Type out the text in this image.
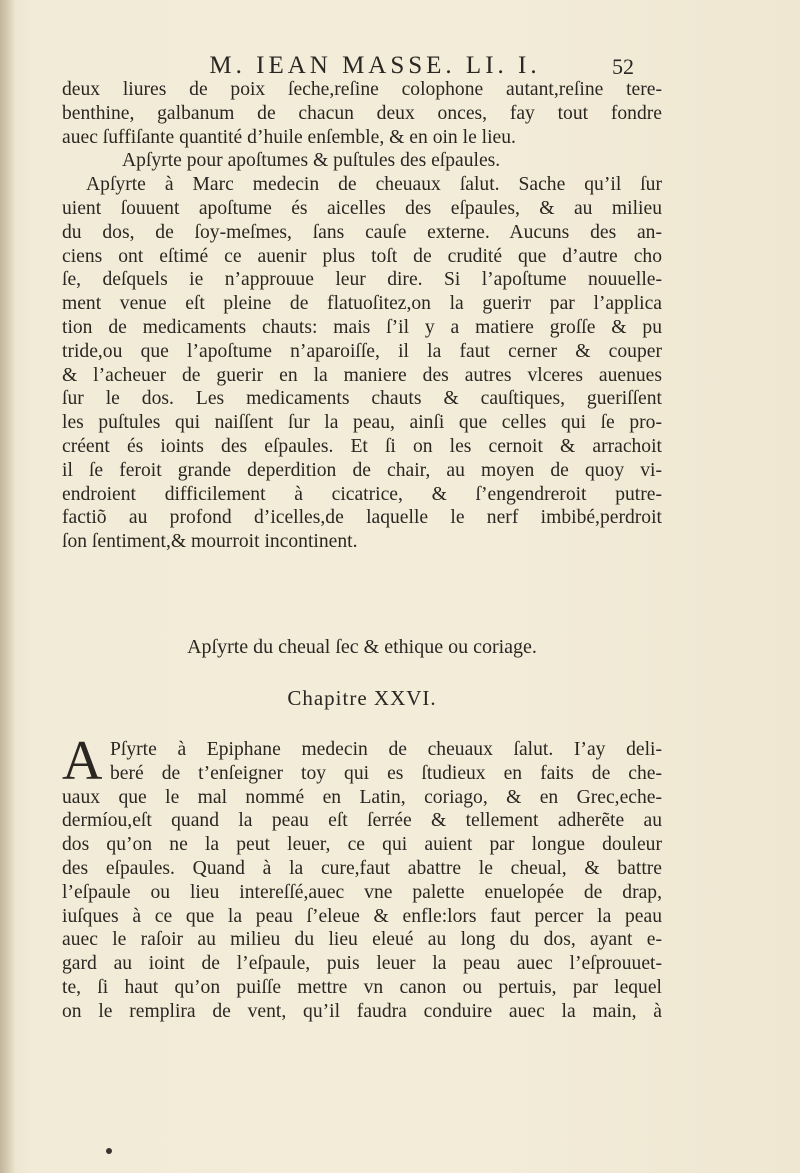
M. IEAN MASSE. LI. I.	52
deux liures de poix ſeche,reſine colophone autant,reſine tere-
benthine, galbanum de chacun deux onces, fay tout fondre
auec ſuffiſante quantité d’huile enſemble, & en oin le lieu.
Apſyrte pour apoſtumes & puſtules des eſpaules.
Apſyrte à Marc medecin de cheuaux ſalut. Sache qu’il ſur
uient ſouuent apoſtume és aicelles des eſpaules, & au milieu
du dos, de ſoy-meſmes, ſans cauſe externe. Aucuns des an-
ciens ont eſtimé ce auenir plus toſt de crudité que d’autre cho
ſe, deſquels ie n’approuue leur dire. Si l’apoſtume nouuelle-
ment venue eſt pleine de flatuoſitez,on la gueriт par l’applica
tion de medicaments chauts: mais ſ’il y a matiere groſſe & pu
tride,ou que l’apoſtume n’aparoiſſe, il la faut cerner & couper
& l’acheuer de guerir en la maniere des autres vlceres auenues
ſur le dos. Les medicaments chauts & cauſtiques, gueriſſent
les puſtules qui naiſſent ſur la peau, ainſi que celles qui ſe pro-
créent és ioints des eſpaules. Et ſi on les cernoit & arrachoit
il ſe feroit grande deperdition de chair, au moyen de quoy vi-
endroient difficilement à cicatrice, & ſ’engendreroit putre-
factiõ au profond d’icelles,de laquelle le nerf imbibé,perdroit
ſon ſentiment,& mourroit incontinent.
Apſyrte du cheual ſec & ethique ou coriage.
Chapitre XXVI.
A Pſyrte à Epiphane medecin de cheuaux ſalut. I’ay deli-
beré de t’enſeigner toy qui es ſtudieux en faits de che-
uaux que le mal nommé en Latin, coriago, & en Grec,eche-
dermíou,eſt quand la peau eſt ſerrée & tellement adherẽte au
dos qu’on ne la peut leuer, ce qui auient par longue douleur
des eſpaules. Quand à la cure,faut abattre le cheual, & battre
l’eſpaule ou lieu intereſſé,auec vne palette enuelopée de drap,
iuſques à ce que la peau ſ’eleue & enfle:lors faut percer la peau
auec le raſoir au milieu du lieu eleué au long du dos, ayant e-
gard au ioint de l’eſpaule, puis leuer la peau auec l’eſprouuet-
te, ſi haut qu’on puiſſe mettre vn canon ou pertuis, par lequel
on le remplira de vent, qu’il faudra conduire auec la main, à
